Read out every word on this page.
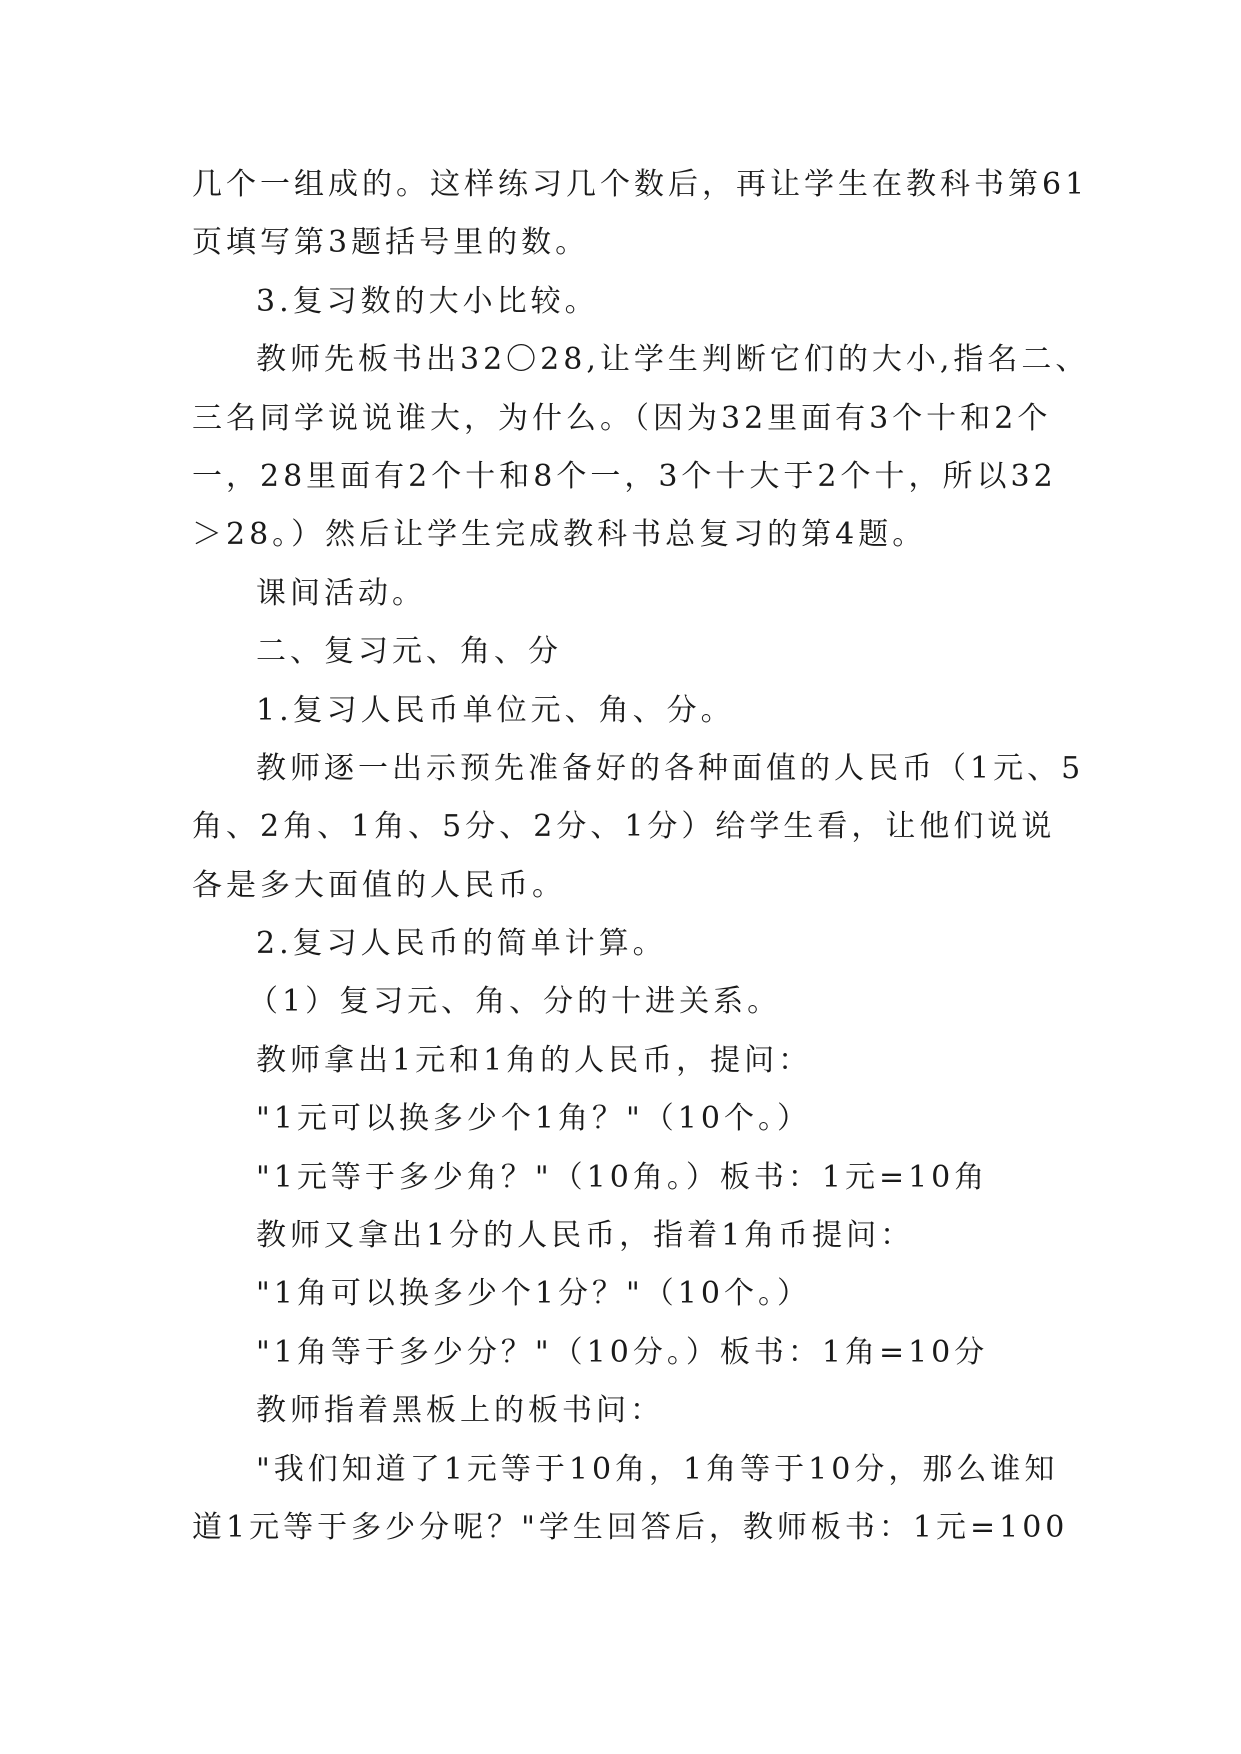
几个一组成的。这样练习几个数后，再让学生在教科书第61
页填写第3题括号里的数。
3.复习数的大小比较。
教师先板书出32〇28,让学生判断它们的大小,指名二、
三名同学说说谁大，为什么。（因为32里面有3个十和2个
一，28里面有2个十和8个一，3个十大于2个十，所以32
＞28。）然后让学生完成教科书总复习的第4题。
课间活动。
二、复习元、角、分
1.复习人民币单位元、角、分。
教师逐一出示预先准备好的各种面值的人民币（1元、5
角、2角、1角、5分、2分、1分）给学生看，让他们说说
各是多大面值的人民币。
2.复习人民币的简单计算。
（1）复习元、角、分的十进关系。
教师拿出1元和1角的人民币，提问：
"1元可以换多少个1角？"（10个。）
"1元等于多少角？"（10角。）板书：1元=10角
教师又拿出1分的人民币，指着1角币提问：
"1角可以换多少个1分？"（10个。）
"1角等于多少分？"（10分。）板书：1角=10分
教师指着黑板上的板书问：
"我们知道了1元等于10角，1角等于10分，那么谁知
道1元等于多少分呢？"学生回答后，教师板书：1元=100
